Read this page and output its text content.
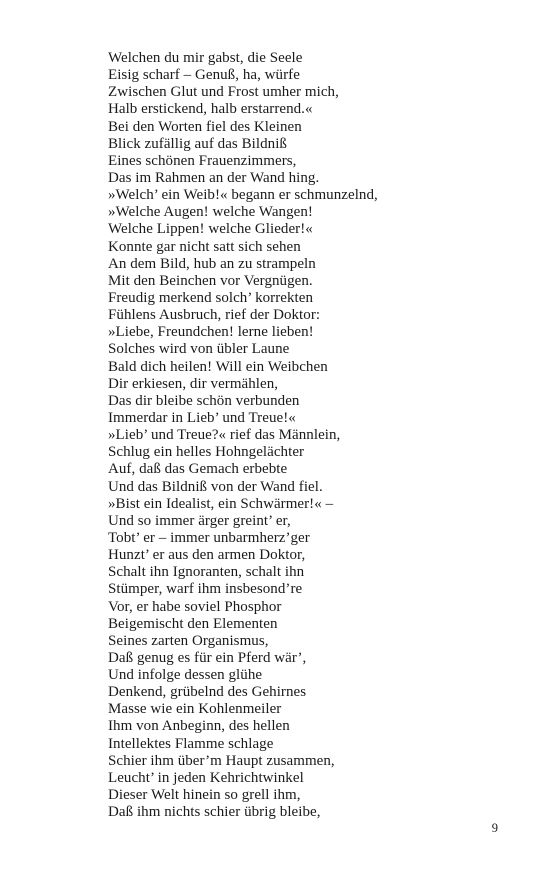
Welchen du mir gabst, die Seele
Eisig scharf – Genuß, ha, würfe
Zwischen Glut und Frost umher mich,
Halb erstickend, halb erstarrend.«
Bei den Worten fiel des Kleinen
Blick zufällig auf das Bildniß
Eines schönen Frauenzimmers,
Das im Rahmen an der Wand hing.
»Welch’ ein Weib!« begann er schmunzelnd,
»Welche Augen! welche Wangen!
Welche Lippen! welche Glieder!«
Konnte gar nicht satt sich sehen
An dem Bild, hub an zu strampeln
Mit den Beinchen vor Vergnügen.
Freudig merkend solch’ korrekten
Fühlens Ausbruch, rief der Doktor:
»Liebe, Freundchen! lerne lieben!
Solches wird von übler Laune
Bald dich heilen! Will ein Weibchen
Dir erkiesen, dir vermählen,
Das dir bleibe schön verbunden
Immerdar in Lieb’ und Treue!«
»Lieb’ und Treue?« rief das Männlein,
Schlug ein helles Hohngelächter
Auf, daß das Gemach erbebte
Und das Bildniß von der Wand fiel.
»Bist ein Idealist, ein Schwärmer!« –
Und so immer ärger greint’ er,
Tobt’ er – immer unbarmherz’ger
Hunzt’ er aus den armen Doktor,
Schalt ihn Ignoranten, schalt ihn
Stümper, warf ihm insbesond’re
Vor, er habe soviel Phosphor
Beigemischt den Elementen
Seines zarten Organismus,
Daß genug es für ein Pferd wär’,
Und infolge dessen glühe
Denkend, grübelnd des Gehirnes
Masse wie ein Kohlenmeiler
Ihm von Anbeginn, des hellen
Intellektes Flamme schlage
Schier ihm über’m Haupt zusammen,
Leucht’ in jeden Kehrichtwinkel
Dieser Welt hinein so grell ihm,
Daß ihm nichts schier übrig bleibe,
9
